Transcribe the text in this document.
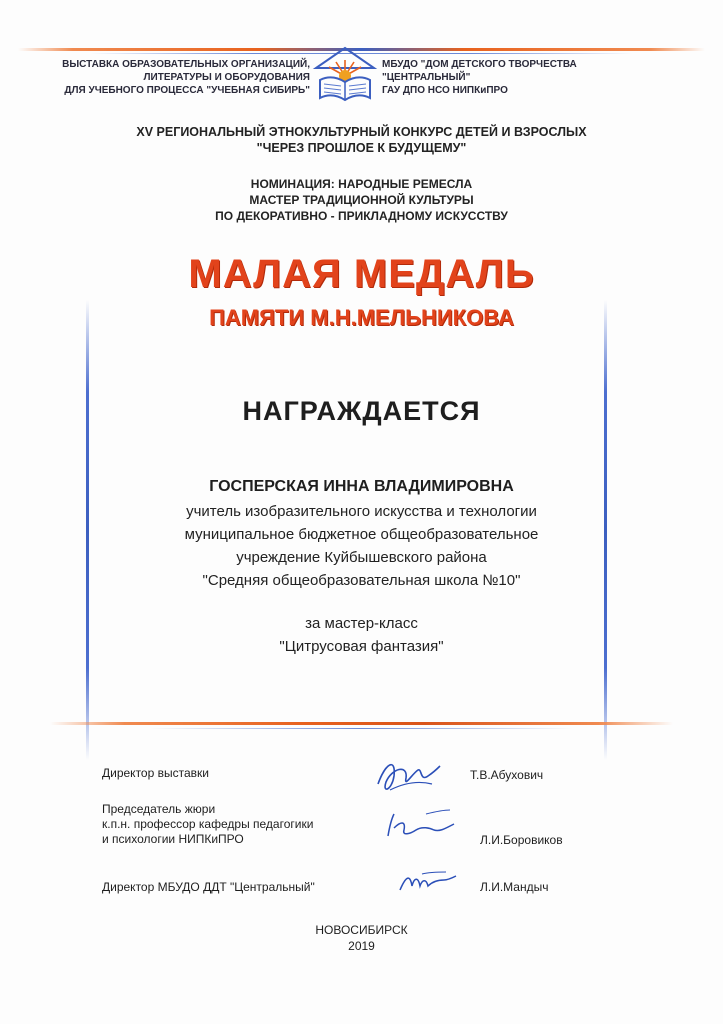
ВЫСТАВКА ОБРАЗОВАТЕЛЬНЫХ ОРГАНИЗАЦИЙ,
ЛИТЕРАТУРЫ И ОБОРУДОВАНИЯ
ДЛЯ УЧЕБНОГО ПРОЦЕССА "УЧЕБНАЯ СИБИРЬ"
МБУДО "ДОМ ДЕТСКОГО ТВОРЧЕСТВА
"ЦЕНТРАЛЬНЫЙ"
ГАУ ДПО НСО НИПКиПРО
XV РЕГИОНАЛЬНЫЙ ЭТНОКУЛЬТУРНЫЙ КОНКУРС ДЕТЕЙ И ВЗРОСЛЫХ
"ЧЕРЕЗ ПРОШЛОЕ К БУДУЩЕМУ"
НОМИНАЦИЯ: НАРОДНЫЕ РЕМЕСЛА
МАСТЕР ТРАДИЦИОННОЙ КУЛЬТУРЫ
ПО ДЕКОРАТИВНО - ПРИКЛАДНОМУ ИСКУССТВУ
МАЛАЯ МЕДАЛЬ
ПАМЯТИ М.Н.МЕЛЬНИКОВА
НАГРАЖДАЕТСЯ
ГОСПЕРСКАЯ ИННА ВЛАДИМИРОВНА
учитель изобразительного искусства и технологии
муниципальное бюджетное общеобразовательное
учреждение Куйбышевского района
"Средняя общеобразовательная школа №10"
за мастер-класс
"Цитрусовая фантазия"
Директор выставки	Т.В.Абухович
Председатель жюри
к.п.н. профессор кафедры педагогики
и психологии НИПКиПРО	Л.И.Боровиков
Директор МБУДО ДДТ "Центральный"	Л.И.Мандыч
НОВОСИБИРСК
2019
